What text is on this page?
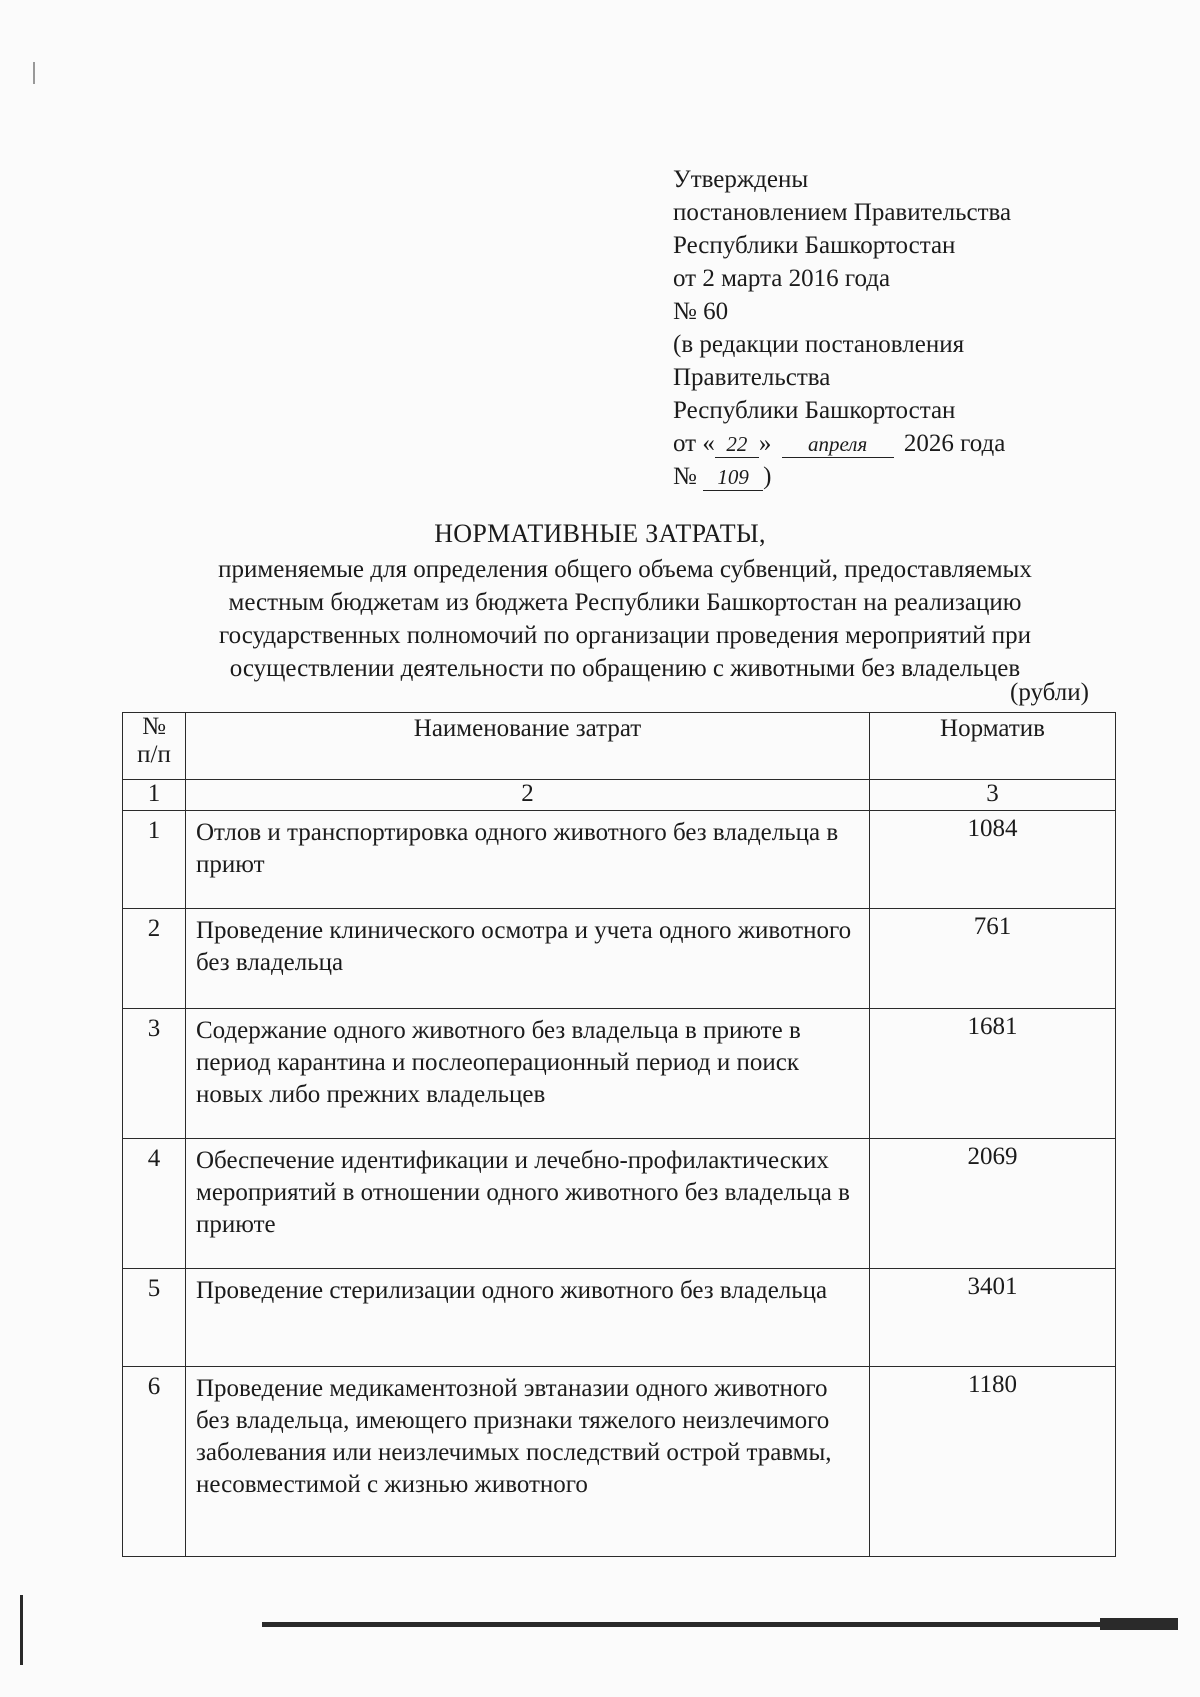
Утверждены
постановлением Правительства
Республики Башкортостан
от 2 марта 2016 года
№ 60
(в редакции постановления
Правительства
Республики Башкортостан
от « 22 » апреля 2026 года
№ 109 )
НОРМАТИВНЫЕ ЗАТРАТЫ,
применяемые для определения общего объема субвенций, предоставляемых
местным бюджетам из бюджета Республики Башкортостан на реализацию
государственных полномочий по организации проведения мероприятий при
осуществлении деятельности по обращению с животными без владельцев
(рубли)
№
п/п	Наименование затрат	Норматив
1	2	3

1	Отлов и транспортировка одного животного без владельца в приют	1084

2	Проведение клинического осмотра и учета одного животного без владельца	761

3	Содержание одного животного без владельца в приюте в период карантина и послеоперационный период и поиск новых либо прежних владельцев	1681

4	Обеспечение идентификации и лечебно-профилактических мероприятий в отношении одного животного без владельца в приюте	2069

5	Проведение стерилизации одного животного без владельца	3401

6	Проведение медикаментозной эвтаназии одного животного без владельца, имеющего признаки тяжелого неизлечимого заболевания или неизлечимых последствий острой травмы, несовместимой с жизнью животного	1180
